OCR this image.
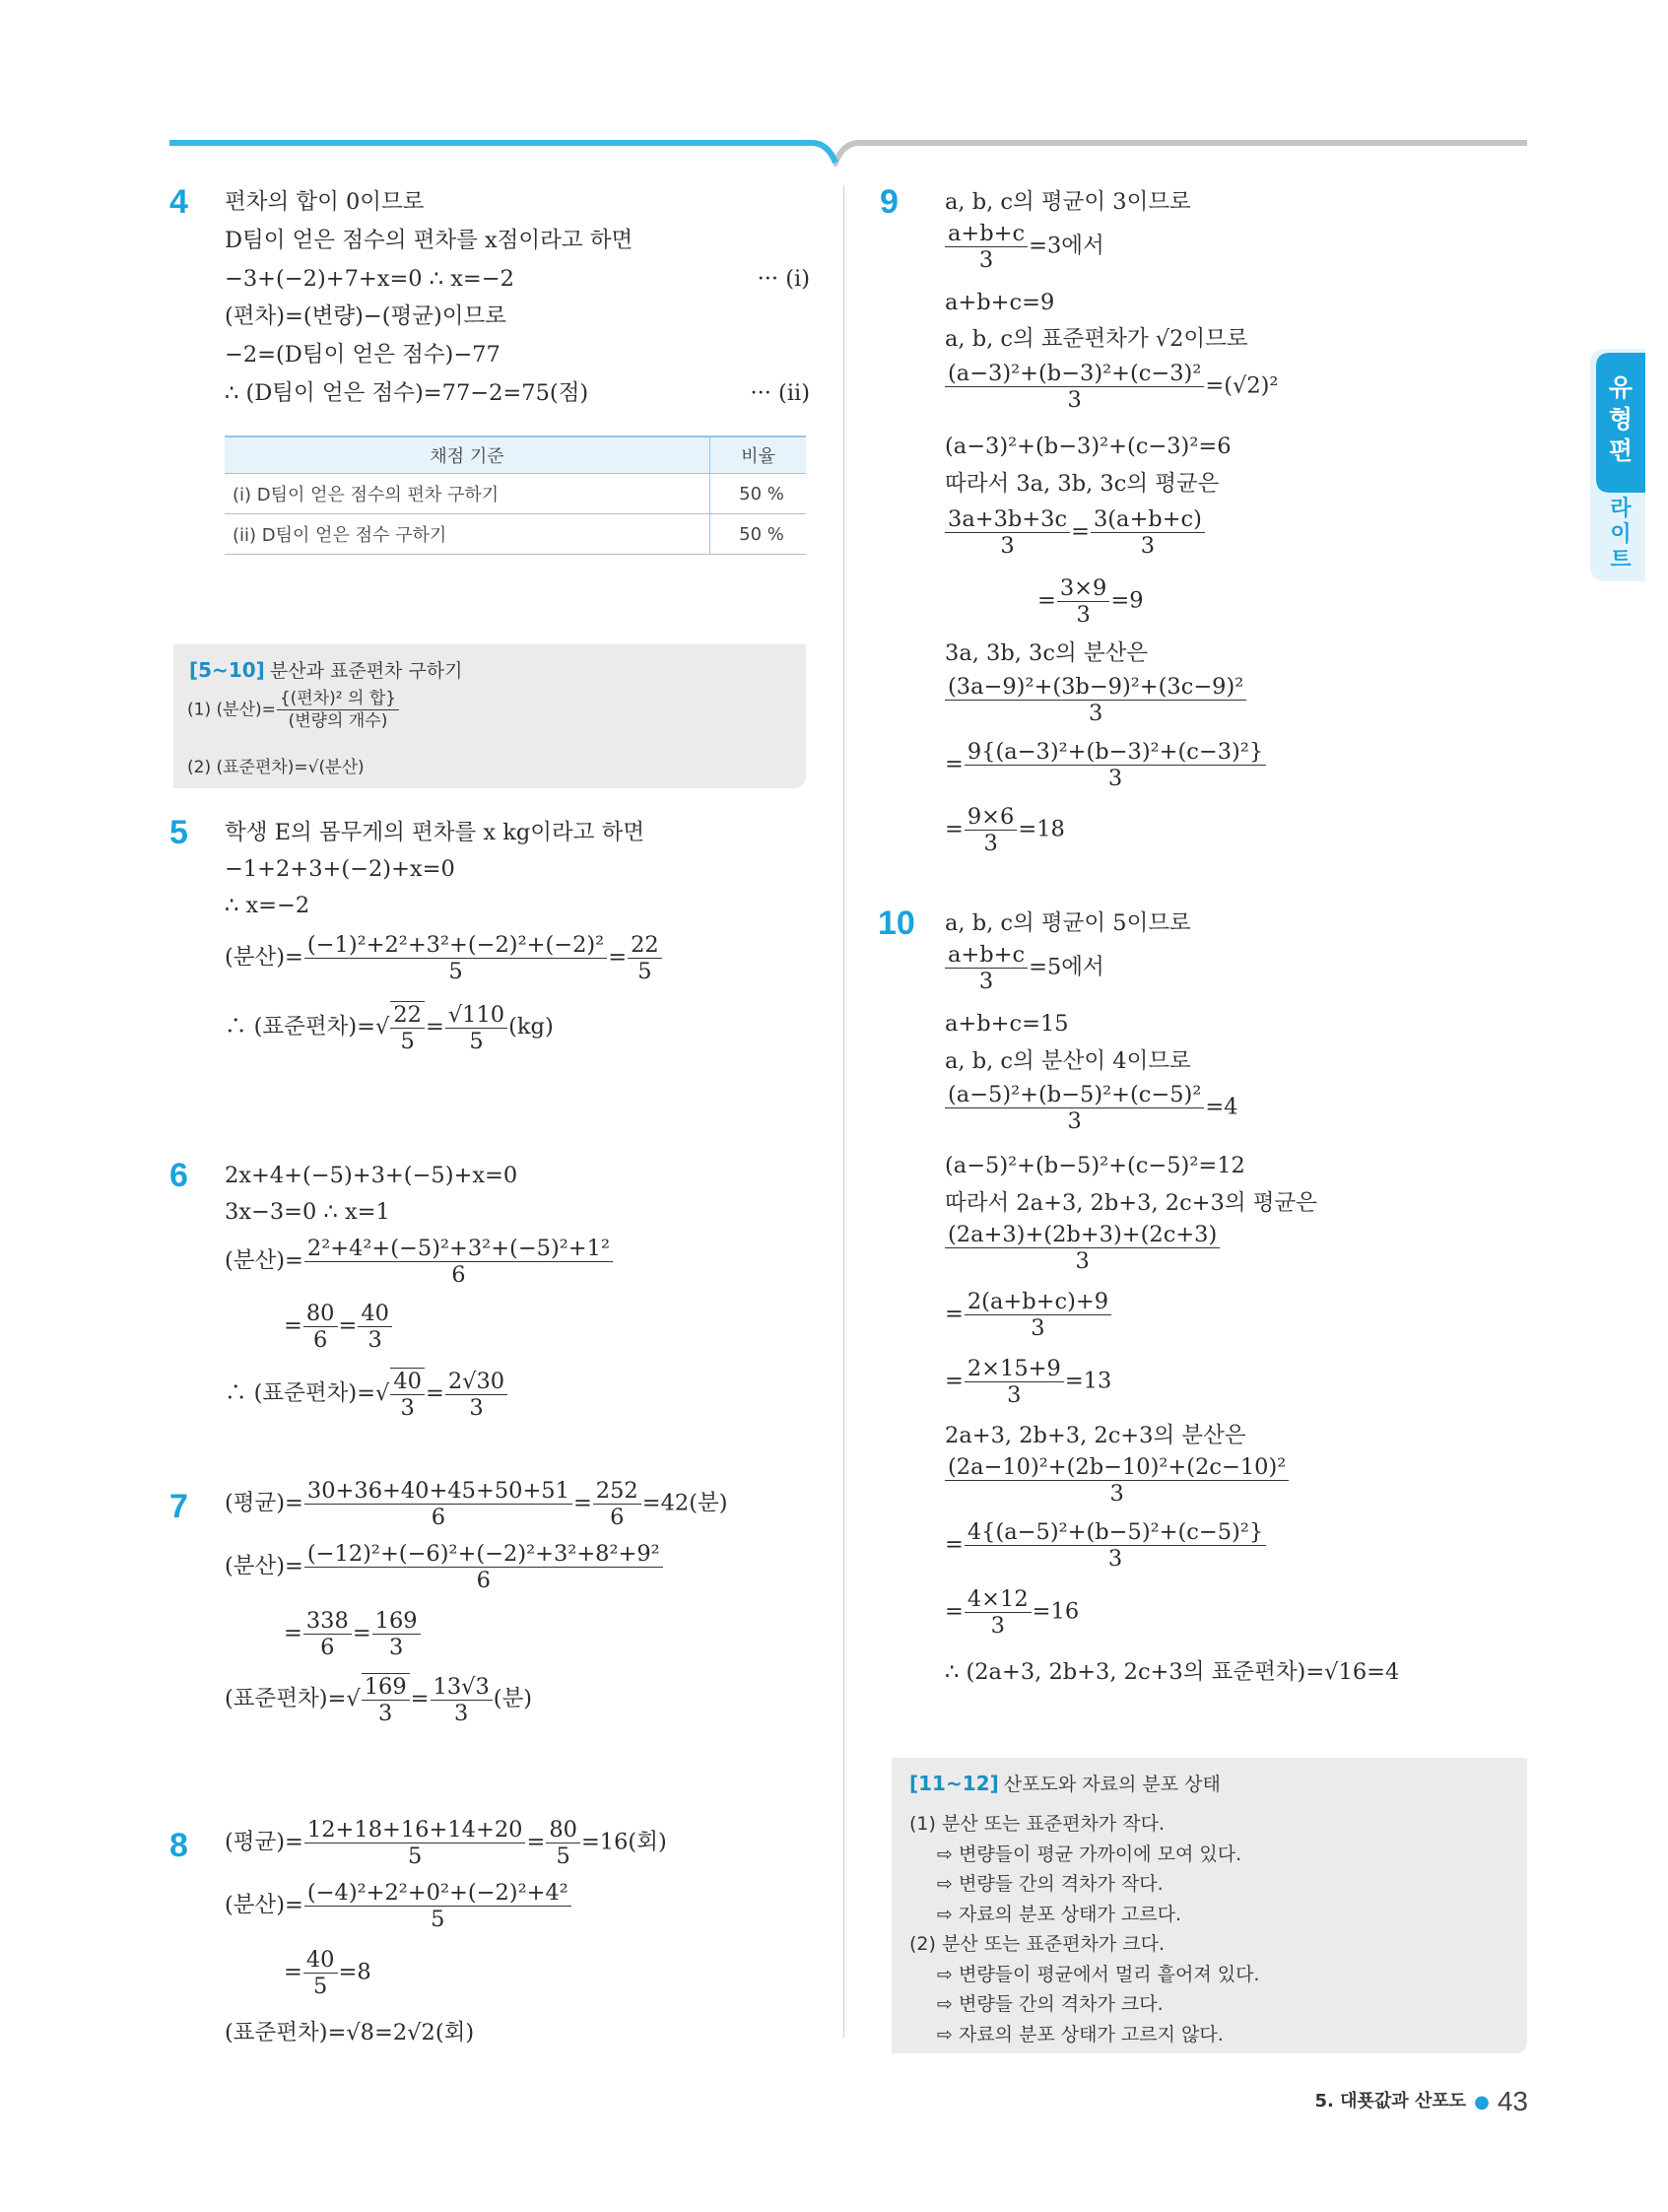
4 편차의 합이 0이므로
D팀이 얻은 점수의 편차를 x점이라고 하면
−3+(−2)+7+x=0 ∴ x=−2	··· (i)
(편차)=(변량)−(평균)이므로
−2=(D팀이 얻은 점수)−77
∴ (D팀이 얻은 점수)=77−2=75(점)	··· (ii)
채점 기준	비율
(i) D팀이 얻은 점수의 편차 구하기	50 %
(ii) D팀이 얻은 점수 구하기	50 %
[5~10] 분산과 표준편차 구하기
(1) (분산)= $\frac{\text{\{(편차)² 의 합\}}}{\text{(변량의 개수)}}$
(2) (표준편차)=√(분산)
5 학생 E의 몸무게의 편차를 x kg이라고 하면
−1+2+3+(−2)+x=0
∴ x=−2
(분산)= $\frac{\text{(−1)²+2²+3²+(−2)²+(−2)²}}{5} = \frac{22}{5}$
∴ (표준편차)=√ $\frac{22}{5} = \frac{√110}{5} (kg)$
6 2x+4+(−5)+3+(−5)+x=0
3x−3=0 ∴ x=1
(분산)= $\frac{\text{2²+4²+(−5)²+3²+(−5)²+1²}}{6}$
= $\frac{80}{6} = \frac{40}{3}$
∴ (표준편차)=√ $\frac{40}{3} = \frac{2√30}{3}$
7 (평균)= $\frac{30+36+40+45+50+51}{6} = \frac{252}{6} =42$(분)
(분산)= $\frac{\text{(−12)²+(−6)²+(−2)²+3²+8²+9²}}{6}$
= $\frac{338}{6} = \frac{169}{3}$
(표준편차)=√ $\frac{169}{3} = \frac{13√3}{3}$ (분)
8 (평균)= $\frac{12+18+16+14+20}{5} = \frac{80}{5} =16$(회)
(분산)= $\frac{\text{(−4)²+2²+0²+(−2)²+4²}}{5}$
= $\frac{40}{5} =8$
(표준편차)=√8=2√2(회)
9 a, b, c의 평균이 3이므로
$\frac{a+b+c}{3} =3$에서
a+b+c=9
a, b, c의 표준편차가 √2이므로
$\frac{\text{(a−3)²+(b−3)²+(c−3)²}}{3} =(√2)^2$
(a−3)²+(b−3)²+(c−3)²=6
따라서 3a, 3b, 3c의 평균은
$\frac{3a+3b+3c}{3} = \frac{3(a+b+c)}{3}$
= $\frac{3\times 9}{3} =9$
3a, 3b, 3c의 분산은
$\frac{\text{(3a−9)²+(3b−9)²+(3c−9)²}}{3}$
= $\frac{\text{9\{(a−3)²+(b−3)²+(c−3)²\}}}{3}$
= $\frac{9\times 6}{3} =18$
10 a, b, c의 평균이 5이므로
$\frac{a+b+c}{3} =5$에서
a+b+c=15
a, b, c의 분산이 4이므로
$\frac{\text{(a−5)²+(b−5)²+(c−5)²}}{3} =4$
(a−5)²+(b−5)²+(c−5)²=12
따라서 2a+3, 2b+3, 2c+3의 평균은
$\frac{(2a+3)+(2b+3)+(2c+3)}{3}$
= $\frac{2(a+b+c)+9}{3}$
= $\frac{2\times 15+9}{3} =13$
2a+3, 2b+3, 2c+3의 분산은
$\frac{\text{(2a−10)²+(2b−10)²+(2c−10)²}}{3}$
= $\frac{\text{4\{(a−5)²+(b−5)²+(c−5)²\}}}{3}$
= $\frac{4\times 12}{3} =16$
∴ (2a+3, 2b+3, 2c+3의 표준편차)=√16=4
[11~12] 산포도와 자료의 분포 상태
(1) 분산 또는 표준편차가 작다.
⇨ 변량들이 평균 가까이에 모여 있다.
⇨ 변량들 간의 격차가 작다.
⇨ 자료의 분포 상태가 고르다.
(2) 분산 또는 표준편차가 크다.
⇨ 변량들이 평균에서 멀리 흩어져 있다.
⇨ 변량들 간의 격차가 크다.
⇨ 자료의 분포 상태가 고르지 않다.
유
형
편
라
이
트
5. 대푯값과 산포도 ● 43
